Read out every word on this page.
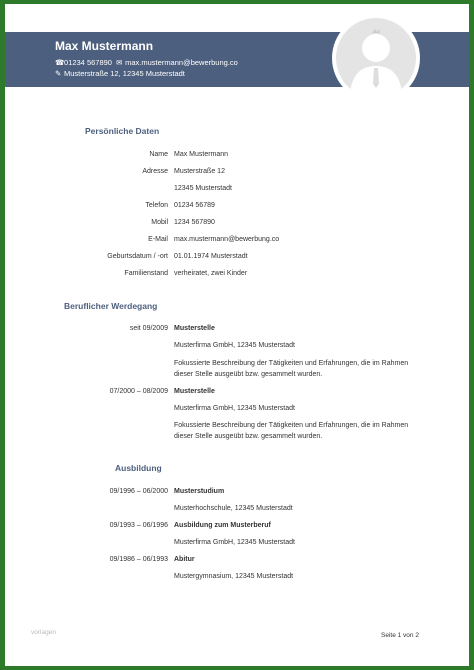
Max Mustermann
☎01234 567890 ✉ max.mustermann@bewerbung.co
✎ Musterstraße 12, 12345 Musterstadt
Persönliche Daten
Name Max Mustermann
Adresse Musterstraße 12
12345 Musterstadt
Telefon 01234 56789
Mobil 1234 567890
E-Mail max.mustermann@bewerbung.co
Geburtsdatum / -ort 01.01.1974 Musterstadt
Familienstand verheiratet, zwei Kinder
Beruflicher Werdegang
seit 09/2009 Musterstelle
Musterfirma GmbH, 12345 Musterstadt
Fokussierte Beschreibung der Tätigkeiten und Erfahrungen, die im Rahmen dieser Stelle ausgeübt bzw. gesammelt wurden.
07/2000 – 08/2009 Musterstelle
Musterfirma GmbH, 12345 Musterstadt
Fokussierte Beschreibung der Tätigkeiten und Erfahrungen, die im Rahmen dieser Stelle ausgeübt bzw. gesammelt wurden.
Ausbildung
09/1996 – 06/2000 Musterstudium
Musterhochschule, 12345 Musterstadt
09/1993 – 06/1996 Ausbildung zum Musterberuf
Musterfirma GmbH, 12345 Musterstadt
09/1986 – 06/1993 Abitur
Mustergymnasium, 12345 Musterstadt
vorlagen	Seite 1 von 2
